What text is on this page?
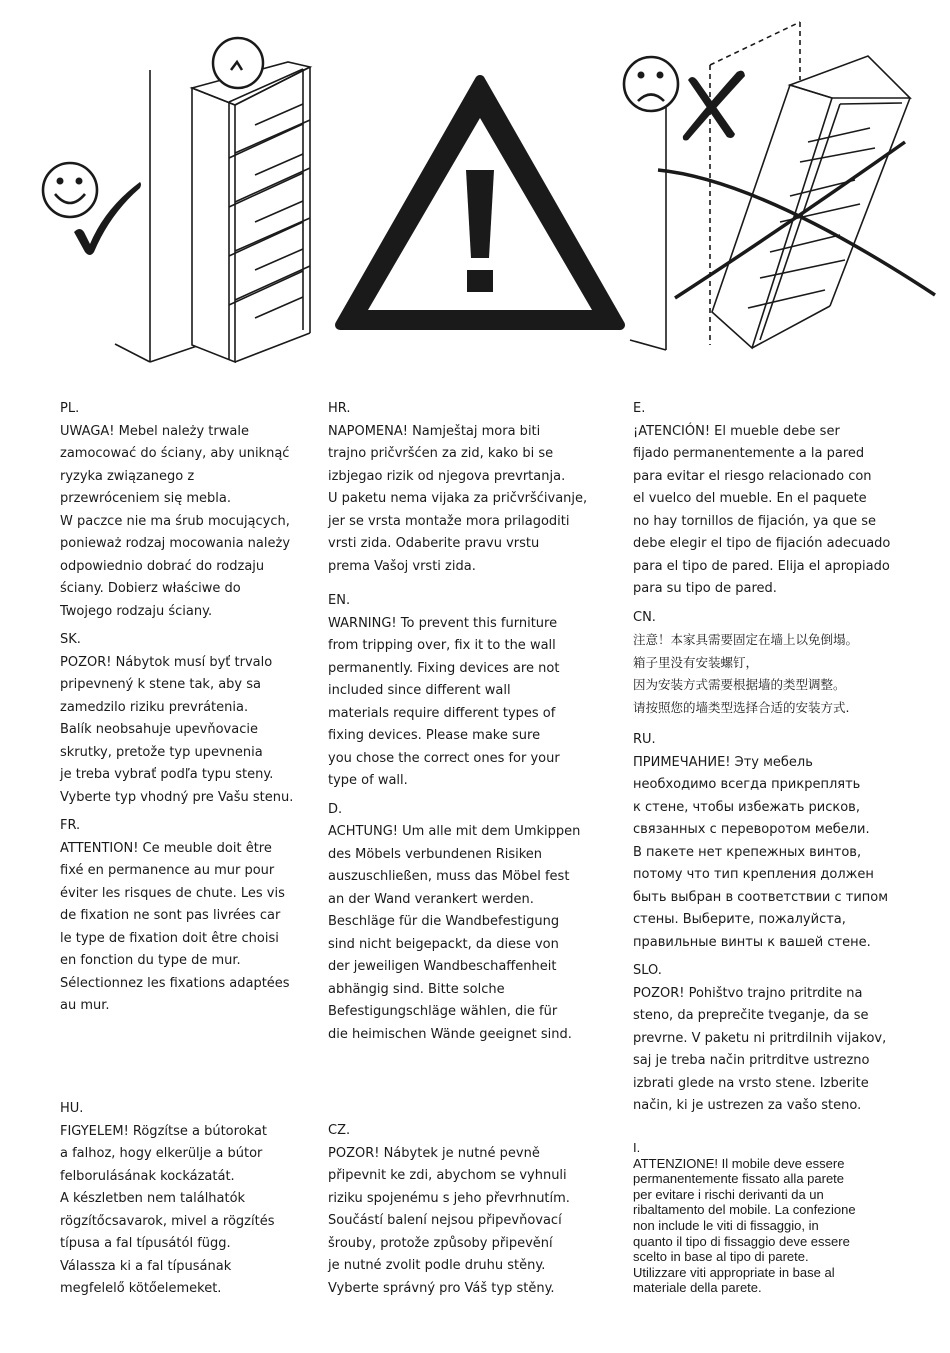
PL.

UWAGA! Mebel należy trwale
zamocować do ściany, aby uniknąć
ryzyka związanego z
przewróceniem się mebla.
W paczce nie ma śrub mocujących,
ponieważ rodzaj mocowania należy
odpowiednio dobrać do rodzaju
ściany. Dobierz właściwe do
Twojego rodzaju ściany.

SK.

POZOR! Nábytok musí byť trvalo
pripevnený k stene tak, aby sa
zamedzilo riziku prevrátenia.
Balík neobsahuje upevňovacie
skrutky, pretože typ upevnenia
je treba vybrať podľa typu steny.
Vyberte typ vhodný pre Vašu stenu.

FR.

ATTENTION! Ce meuble doit être
fixé en permanence au mur pour
éviter les risques de chute. Les vis
de fixation ne sont pas livrées car
le type de fixation doit être choisi
en fonction du type de mur.
Sélectionnez les fixations adaptées
au mur.

HU.

FIGYELEM! Rögzítse a bútorokat
a falhoz, hogy elkerülje a bútor
felborulásának kockázatát.
A készletben nem találhatók
rögzítőcsavarok, mivel a rögzítés
típusa a fal típusától függ.
Válassza ki a fal típusának
megfelelő kötőelemeket.

HR.

NAPOMENA! Namještaj mora biti
trajno pričvršćen za zid, kako bi se
izbjegao rizik od njegova prevrtanja.
U paketu nema vijaka za pričvršćivanje,
jer se vrsta montaže mora prilagoditi
vrsti zida. Odaberite pravu vrstu
prema Vašoj vrsti zida.

EN.

WARNING! To prevent this furniture
from tripping over, fix it to the wall
permanently. Fixing devices are not
included since different wall
materials require different types of
fixing devices. Please make sure
you chose the correct ones for your
type of wall.

D.

ACHTUNG! Um alle mit dem Umkippen
des Möbels verbundenen Risiken
auszuschließen, muss das Möbel fest
an der Wand verankert werden.
Beschläge für die Wandbefestigung
sind nicht beigepackt, da diese von
der jeweiligen Wandbeschaffenheit
abhängig sind. Bitte solche
Befestigungschläge wählen, die für
die heimischen Wände geeignet sind.

CZ.

POZOR! Nábytek je nutné pevně
připevnit ke zdi, abychom se vyhnuli
riziku spojenému s jeho převrhnutím.
Součástí balení nejsou připevňovací
šrouby, protože způsoby připevění
je nutné zvolit podle druhu stěny.
Vyberte správný pro Váš typ stěny.

E.

¡ATENCIÓN! El mueble debe ser
fijado permanentemente a la pared
para evitar el riesgo relacionado con
el vuelco del mueble. En el paquete
no hay tornillos de fijación, ya que se
debe elegir el tipo de fijación adecuado
para el tipo de pared. Elija el apropiado
para su tipo de pared.

CN.

注意！本家具需要固定在墙上以免倒塌。
箱子里没有安装螺钉，
因为安装方式需要根据墙的类型调整。
请按照您的墙类型选择合适的安装方式.

RU.

ПРИМЕЧАНИЕ! Эту мебель
необходимо всегда прикреплять
к стене, чтобы избежать рисков,
связанных с переворотом мебели.
В пакете нет крепежных винтов,
потому что тип крепления должен
быть выбран в соответствии с типом
стены. Выберите, пожалуйста,
правильные винты к вашей стене.

SLO.

POZOR! Pohištvo trajno pritrdite na
steno, da preprečite tveganje, da se
prevrne. V paketu ni pritrdilnih vijakov,
saj je treba način pritrditve ustrezno
izbrati glede na vrsto stene. Izberite
način, ki je ustrezen za vašo steno.

I.

ATTENZIONE! Il mobile deve essere
permanentemente fissato alla parete
per evitare i rischi derivanti da un
ribaltamento del mobile. La confezione
non include le viti di fissaggio, in
quanto il tipo di fissaggio deve essere
scelto in base al tipo di parete.
Utilizzare viti appropriate in base al
materiale della parete.
